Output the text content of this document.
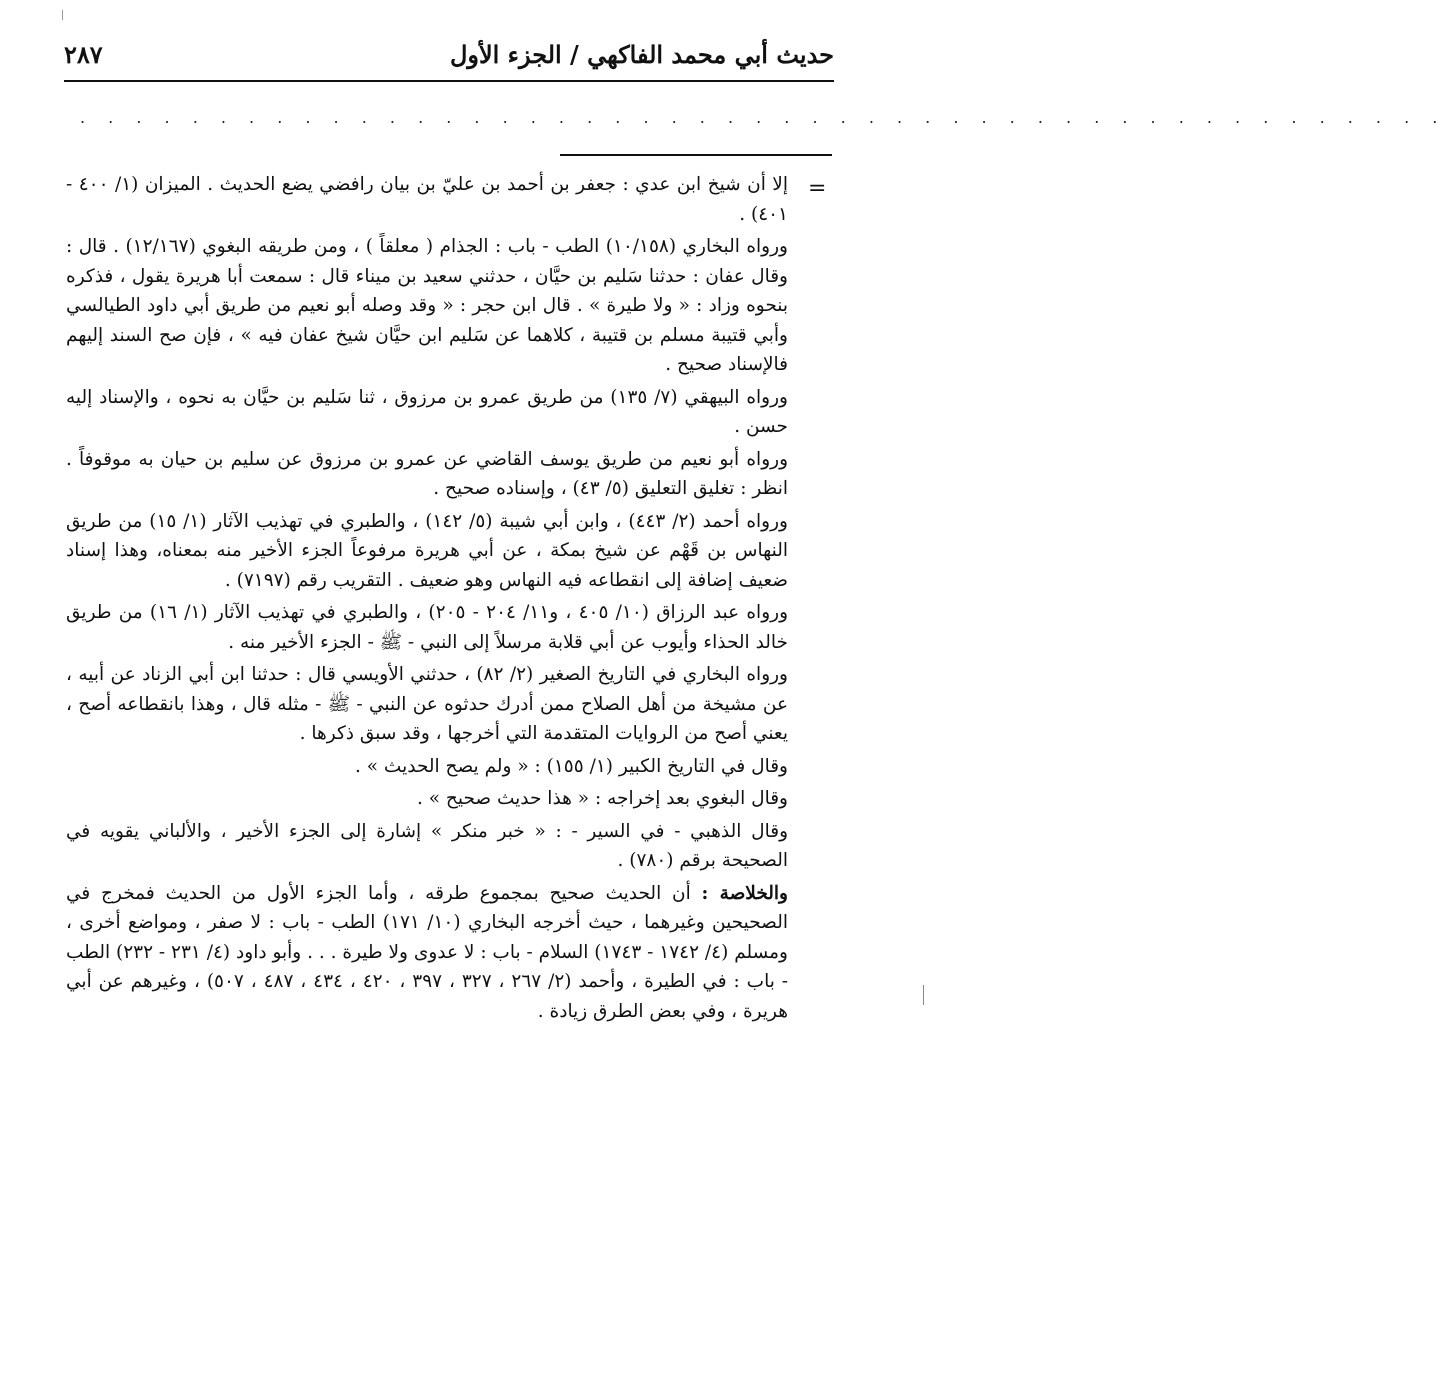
حديث أبي محمد الفاكهي / الجزء الأول
٢٨٧
. . . . . . . . . . . . . . . . . . . . . . . . . . . . . . . . . . . . . . . . . . . . . . . . .
=

إلا أن شيخ ابن عدي : جعفر بن أحمد بن عليّ بن بيان رافضي يضع الحديث . الميزان (١/ ٤٠٠ - ٤٠١) .

ورواه البخاري (١٠/١٥٨) الطب - باب : الجذام ( معلقاً ) ، ومن طريقه البغوي (١٢/١٦٧) . قال : وقال عفان : حدثنا سَليم بن حيَّان ، حدثني سعيد بن ميناء قال : سمعت أبا هريرة يقول ، فذكره بنحوه وزاد : « ولا طيرة » . قال ابن حجر : « وقد وصله أبو نعيم من طريق أبي داود الطيالسي وأبي قتيبة مسلم بن قتيبة ، كلاهما عن سَليم ابن حيَّان شيخ عفان فيه » ، فإن صح السند إليهم فالإسناد صحيح .

ورواه البيهقي (٧/ ١٣٥) من طريق عمرو بن مرزوق ، ثنا سَليم بن حيَّان به نحوه ، والإسناد إليه حسن .

ورواه أبو نعيم من طريق يوسف القاضي عن عمرو بن مرزوق عن سليم بن حيان به موقوفاً . انظر : تغليق التعليق (٥/ ٤٣) ، وإسناده صحيح .

ورواه أحمد (٢/ ٤٤٣) ، وابن أبي شيبة (٥/ ١٤٢) ، والطبري في تهذيب الآثار (١/ ١٥) من طريق النهاس بن قَهْم عن شيخ بمكة ، عن أبي هريرة مرفوعاً الجزء الأخير منه بمعناه، وهذا إسناد ضعيف إضافة إلى انقطاعه فيه النهاس وهو ضعيف . التقريب رقم (٧١٩٧) .

ورواه عبد الرزاق (١٠/ ٤٠٥ ، و١١/ ٢٠٤ - ٢٠٥) ، والطبري في تهذيب الآثار (١/ ١٦) من طريق خالد الحذاء وأيوب عن أبي قلابة مرسلاً إلى النبي - ﷺ - الجزء الأخير منه .

ورواه البخاري في التاريخ الصغير (٢/ ٨٢) ، حدثني الأويسي قال : حدثنا ابن أبي الزناد عن أبيه ، عن مشيخة من أهل الصلاح ممن أدرك حدثوه عن النبي - ﷺ - مثله قال ، وهذا بانقطاعه أصح ، يعني أصح من الروايات المتقدمة التي أخرجها ، وقد سبق ذكرها .

وقال في التاريخ الكبير (١/ ١٥٥) : « ولم يصح الحديث » .

وقال البغوي بعد إخراجه : « هذا حديث صحيح » .

وقال الذهبي - في السير - : « خبر منكر » إشارة إلى الجزء الأخير ، والألباني يقويه في الصحيحة برقم (٧٨٠) .

والخلاصة : أن الحديث صحيح بمجموع طرقه ، وأما الجزء الأول من الحديث فمخرج في الصحيحين وغيرهما ، حيث أخرجه البخاري (١٠/ ١٧١) الطب - باب : لا صفر ، ومواضع أخرى ، ومسلم (٤/ ١٧٤٢ - ١٧٤٣) السلام - باب : لا عدوى ولا طيرة . . . وأبو داود (٤/ ٢٣١ - ٢٣٢) الطب - باب : في الطيرة ، وأحمد (٢/ ٢٦٧ ، ٣٢٧ ، ٣٩٧ ، ٤٢٠ ، ٤٣٤ ، ٤٨٧ ، ٥٠٧) ، وغيرهم عن أبي هريرة ، وفي بعض الطرق زيادة .
